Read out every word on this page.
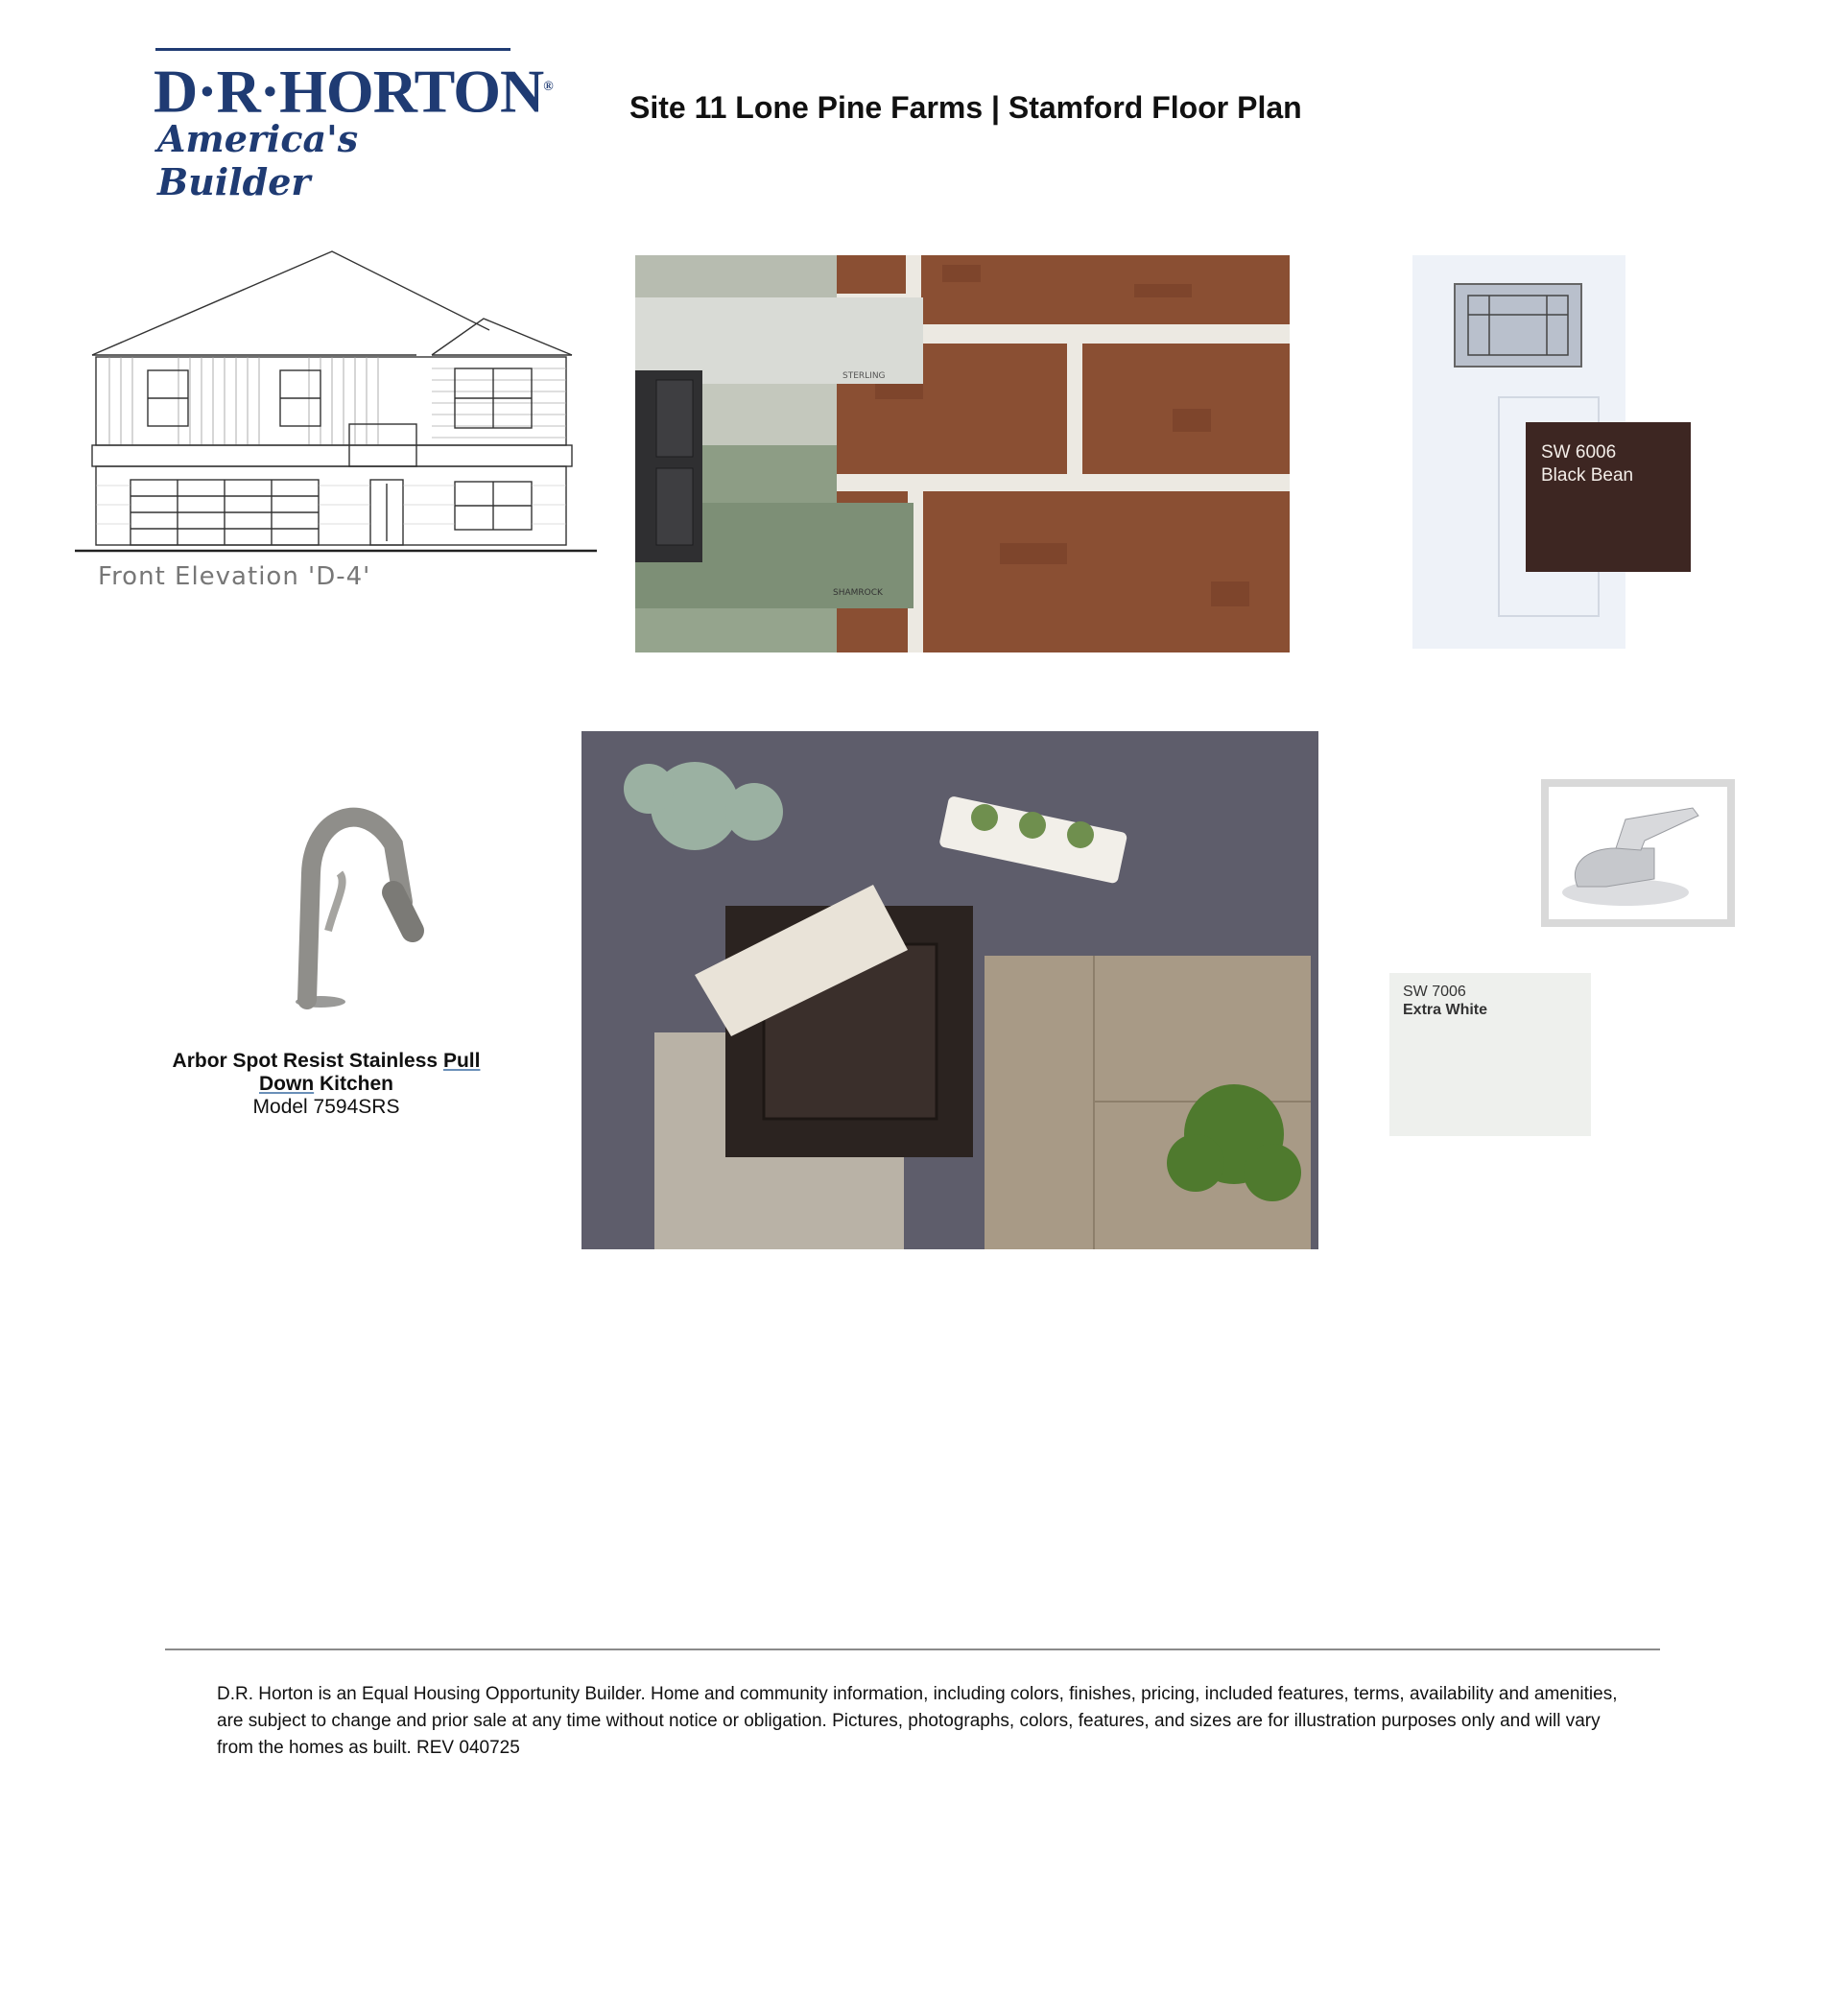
D·R·HORTON®
America's Builder
Site 11 Lone Pine Farms | Stamford Floor Plan
Front Elevation 'D-4'
STERLING
SHAMROCK
SW 6006
Black Bean
Arbor Spot Resist Stainless Pull
Down Kitchen
Model 7594SRS
SW 7006
Extra White
D.R. Horton is an Equal Housing Opportunity Builder. Home and community information, including colors, finishes, pricing, included features, terms, availability and amenities, are subject to change and prior sale at any time without notice or obligation. Pictures, photographs, colors, features, and sizes are for illustration purposes only and will vary from the homes as built. REV 040725
